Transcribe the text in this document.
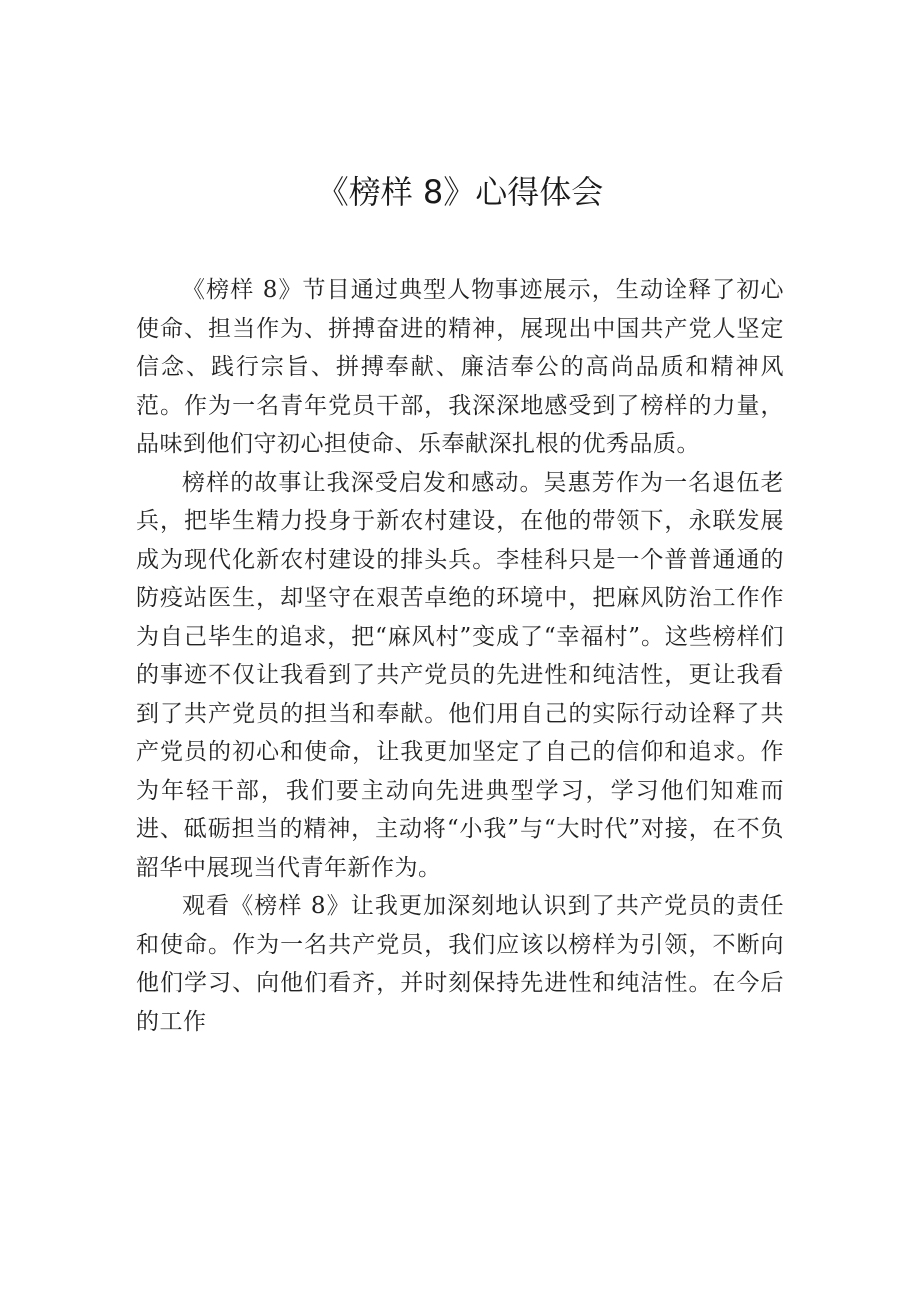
《榜样 8》心得体会

《榜样 8》节目通过典型人物事迹展示，生动诠释了初心使命、担当作为、拼搏奋进的精神，展现出中国共产党人坚定信念、践行宗旨、拼搏奉献、廉洁奉公的高尚品质和精神风范。作为一名青年党员干部，我深深地感受到了榜样的力量，品味到他们守初心担使命、乐奉献深扎根的优秀品质。

榜样的故事让我深受启发和感动。吴惠芳作为一名退伍老兵，把毕生精力投身于新农村建设，在他的带领下，永联发展成为现代化新农村建设的排头兵。李桂科只是一个普普通通的防疫站医生，却坚守在艰苦卓绝的环境中，把麻风防治工作作为自己毕生的追求，把“麻风村”变成了“幸福村”。这些榜样们的事迹不仅让我看到了共产党员的先进性和纯洁性，更让我看到了共产党员的担当和奉献。他们用自己的实际行动诠释了共产党员的初心和使命，让我更加坚定了自己的信仰和追求。作为年轻干部，我们要主动向先进典型学习，学习他们知难而进、砥砺担当的精神，主动将“小我”与“大时代”对接，在不负韶华中展现当代青年新作为。

观看《榜样 8》让我更加深刻地认识到了共产党员的责任和使命。作为一名共产党员，我们应该以榜样为引领，不断向他们学习、向他们看齐，并时刻保持先进性和纯洁性。在今后的工作
